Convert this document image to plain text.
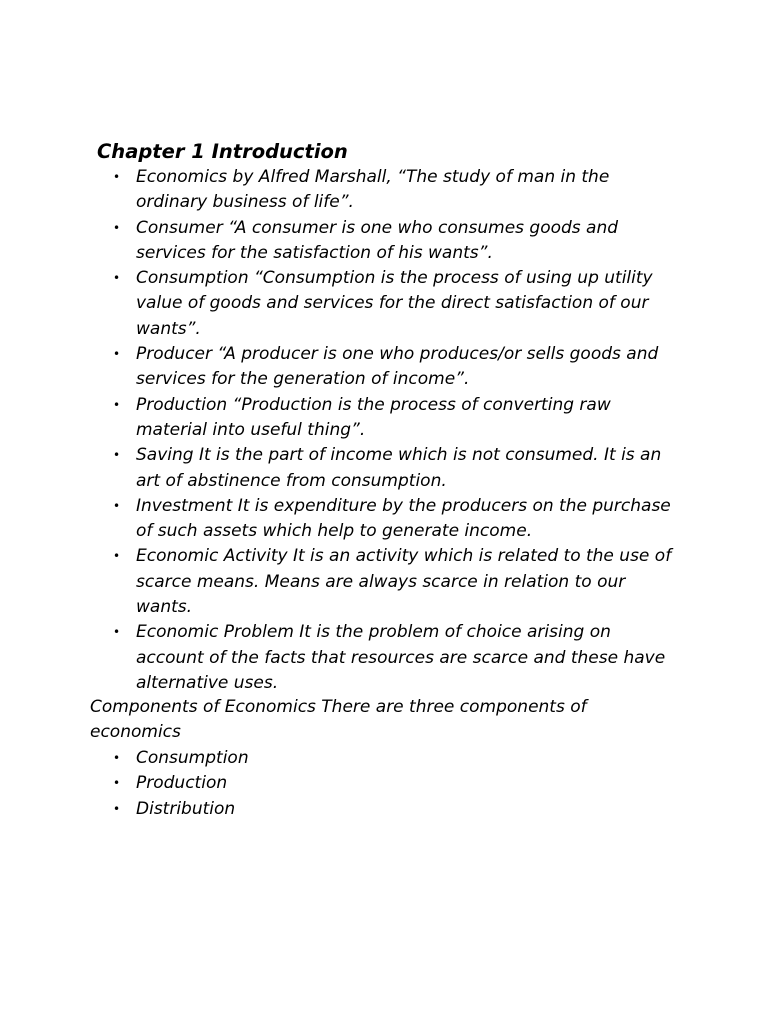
Chapter 1 Introduction
• Economics by Alfred Marshall, “The study of man in the ordinary business of life”.
• Consumer “A consumer is one who consumes goods and services for the satisfaction of his wants”.
• Consumption “Consumption is the process of using up utility value of goods and services for the direct satisfaction of our wants”.
• Producer “A producer is one who produces/or sells goods and services for the generation of income”.
• Production “Production is the process of converting raw material into useful thing”.
• Saving It is the part of income which is not consumed. It is an art of abstinence from consumption.
• Investment It is expenditure by the producers on the purchase of such assets which help to generate income.
• Economic Activity It is an activity which is related to the use of scarce means. Means are always scarce in relation to our wants.
• Economic Problem It is the problem of choice arising on account of the facts that resources are scarce and these have alternative uses.

Components of Economics There are three components of economics

• Consumption
• Production
• Distribution
